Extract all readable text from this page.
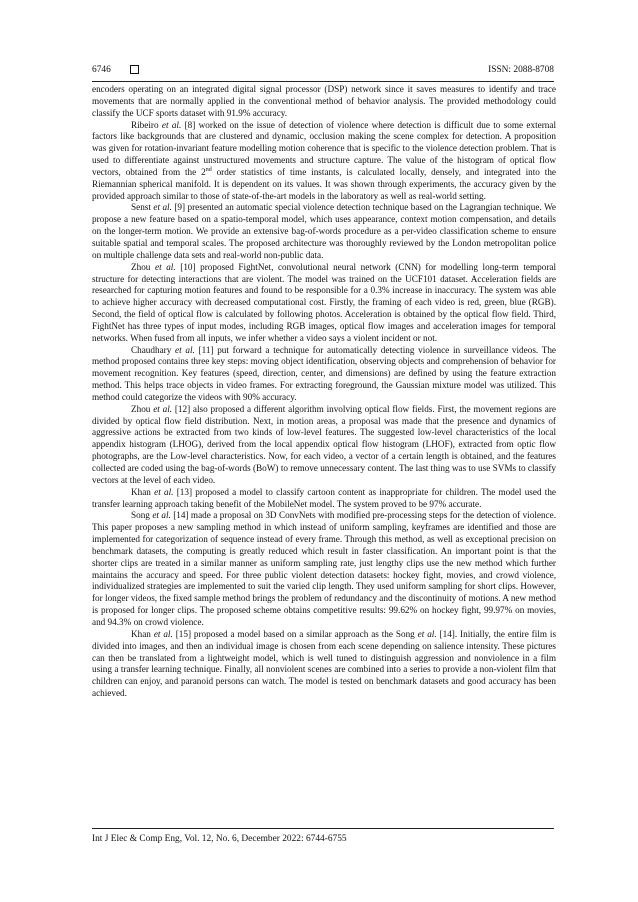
6746	ISSN: 2088-8708

encoders operating on an integrated digital signal processor (DSP) network since it saves measures to identify and trace movements that are normally applied in the conventional method of behavior analysis. The provided methodology could classify the UCF sports dataset with 91.9% accuracy.

Ribeiro et al. [8] worked on the issue of detection of violence where detection is difficult due to some external factors like backgrounds that are clustered and dynamic, occlusion making the scene complex for detection. A proposition was given for rotation-invariant feature modelling motion coherence that is specific to the violence detection problem. That is used to differentiate against unstructured movements and structure capture. The value of the histogram of optical flow vectors, obtained from the 2nd order statistics of time instants, is calculated locally, densely, and integrated into the Riemannian spherical manifold. It is dependent on its values. It was shown through experiments, the accuracy given by the provided approach similar to those of state-of-the-art models in the laboratory as well as real-world setting.

Senst et al. [9] presented an automatic special violence detection technique based on the Lagrangian technique. We propose a new feature based on a spatio-temporal model, which uses appearance, context motion compensation, and details on the longer-term motion. We provide an extensive bag-of-words procedure as a per-video classification scheme to ensure suitable spatial and temporal scales. The proposed architecture was thoroughly reviewed by the London metropolitan police on multiple challenge data sets and real-world non-public data.

Zhou et al. [10] proposed FightNet, convolutional neural network (CNN) for modelling long-term temporal structure for detecting interactions that are violent. The model was trained on the UCF101 dataset. Acceleration fields are researched for capturing motion features and found to be responsible for a 0.3% increase in inaccuracy. The system was able to achieve higher accuracy with decreased computational cost. Firstly, the framing of each video is red, green, blue (RGB). Second, the field of optical flow is calculated by following photos. Acceleration is obtained by the optical flow field. Third, FightNet has three types of input modes, including RGB images, optical flow images and acceleration images for temporal networks. When fused from all inputs, we infer whether a video says a violent incident or not.

Chaudhary et al. [11] put forward a technique for automatically detecting violence in surveillance videos. The method proposed contains three key steps: moving object identification, observing objects and comprehension of behavior for movement recognition. Key features (speed, direction, center, and dimensions) are defined by using the feature extraction method. This helps trace objects in video frames. For extracting foreground, the Gaussian mixture model was utilized. This method could categorize the videos with 90% accuracy.

Zhou et al. [12] also proposed a different algorithm involving optical flow fields. First, the movement regions are divided by optical flow field distribution. Next, in motion areas, a proposal was made that the presence and dynamics of aggressive actions be extracted from two kinds of low-level features. The suggested low-level characteristics of the local appendix histogram (LHOG), derived from the local appendix optical flow histogram (LHOF), extracted from optic flow photographs, are the Low-level characteristics. Now, for each video, a vector of a certain length is obtained, and the features collected are coded using the bag-of-words (BoW) to remove unnecessary content. The last thing was to use SVMs to classify vectors at the level of each video.

Khan et al. [13] proposed a model to classify cartoon content as inappropriate for children. The model used the transfer learning approach taking benefit of the MobileNet model. The system proved to be 97% accurate.

Song et al. [14] made a proposal on 3D ConvNets with modified pre-processing steps for the detection of violence. This paper proposes a new sampling method in which instead of uniform sampling, keyframes are identified and those are implemented for categorization of sequence instead of every frame. Through this method, as well as exceptional precision on benchmark datasets, the computing is greatly reduced which result in faster classification. An important point is that the shorter clips are treated in a similar manner as uniform sampling rate, just lengthy clips use the new method which further maintains the accuracy and speed. For three public violent detection datasets: hockey fight, movies, and crowd violence, individualized strategies are implemented to suit the varied clip length. They used uniform sampling for short clips. However, for longer videos, the fixed sample method brings the problem of redundancy and the discontinuity of motions. A new method is proposed for longer clips. The proposed scheme obtains competitive results: 99.62% on hockey fight, 99.97% on movies, and 94.3% on crowd violence.

Khan et al. [15] proposed a model based on a similar approach as the Song et al. [14]. Initially, the entire film is divided into images, and then an individual image is chosen from each scene depending on salience intensity. These pictures can then be translated from a lightweight model, which is well tuned to distinguish aggression and nonviolence in a film using a transfer learning technique. Finally, all nonviolent scenes are combined into a series to provide a non-violent film that children can enjoy, and paranoid persons can watch. The model is tested on benchmark datasets and good accuracy has been achieved.

Int J Elec & Comp Eng, Vol. 12, No. 6, December 2022: 6744-6755
